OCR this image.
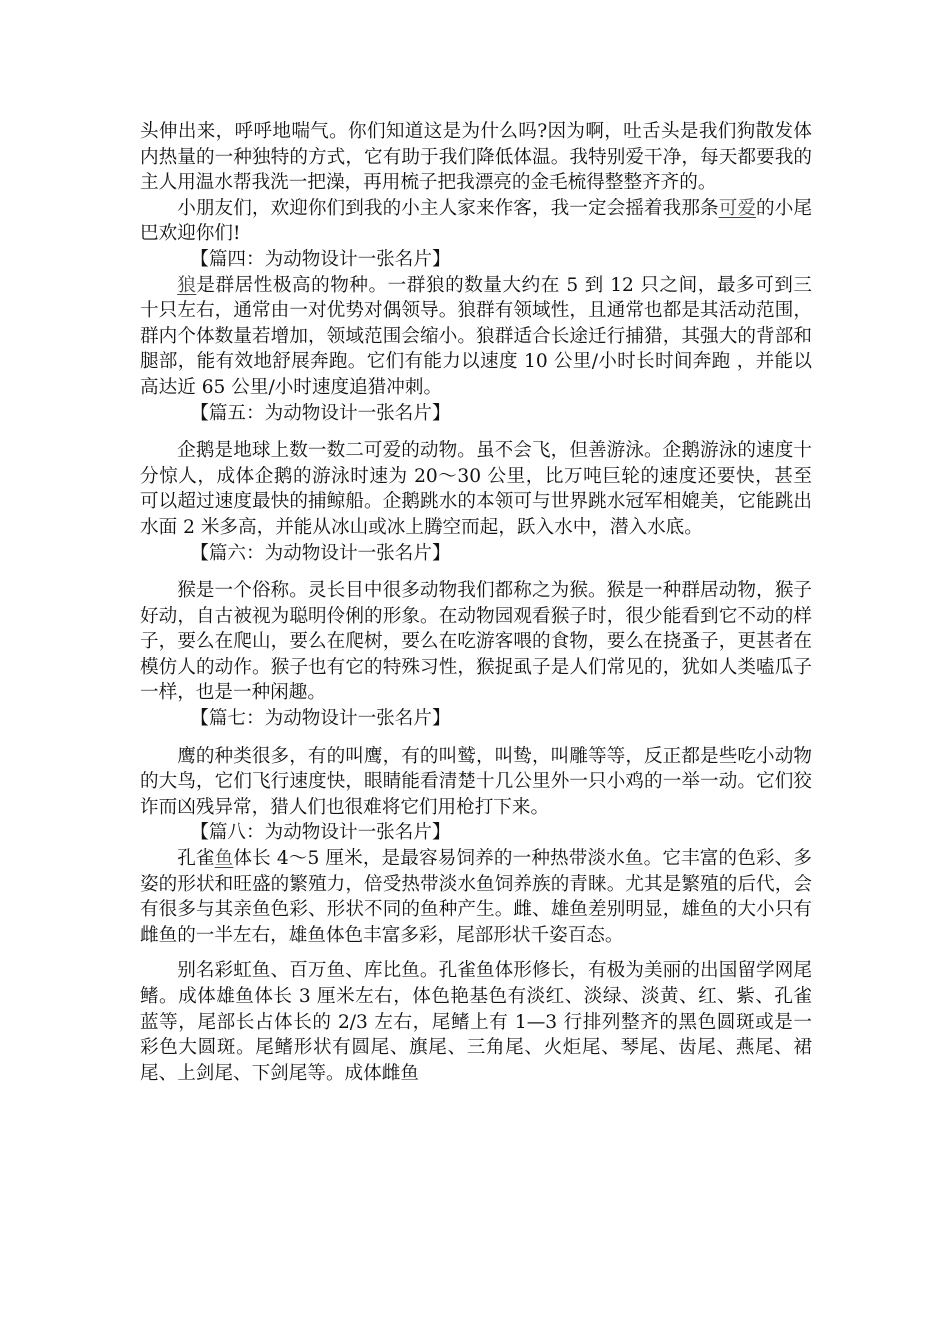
头伸出来，呼呼地喘气。你们知道这是为什么吗?因为啊，吐舌头是我们狗散发体内热量的一种独特的方式，它有助于我们降低体温。我特别爱干净，每天都要我的主人用温水帮我洗一把澡，再用梳子把我漂亮的金毛梳得整整齐齐的。

小朋友们，欢迎你们到我的小主人家来作客，我一定会摇着我那条可爱的小尾巴欢迎你们!

【篇四：为动物设计一张名片】

狼是群居性极高的物种。一群狼的数量大约在 5 到 12 只之间，最多可到三十只左右，通常由一对优势对偶领导。狼群有领域性，且通常也都是其活动范围，群内个体数量若增加，领域范围会缩小。狼群适合长途迁行捕猎，其强大的背部和腿部，能有效地舒展奔跑。它们有能力以速度 10 公里/小时长时间奔跑 ，并能以高达近 65 公里/小时速度追猎冲刺。

【篇五：为动物设计一张名片】

企鹅是地球上数一数二可爱的动物。虽不会飞，但善游泳。企鹅游泳的速度十分惊人，成体企鹅的游泳时速为 20～30 公里，比万吨巨轮的速度还要快，甚至可以超过速度最快的捕鲸船。企鹅跳水的本领可与世界跳水冠军相媲美，它能跳出水面 2 米多高，并能从冰山或冰上腾空而起，跃入水中，潜入水底。

【篇六：为动物设计一张名片】

猴是一个俗称。灵长目中很多动物我们都称之为猴。猴是一种群居动物，猴子好动，自古被视为聪明伶俐的形象。在动物园观看猴子时，很少能看到它不动的样子，要么在爬山，要么在爬树，要么在吃游客喂的食物，要么在挠蚤子，更甚者在模仿人的动作。猴子也有它的特殊习性，猴捉虱子是人们常见的，犹如人类嗑瓜子一样，也是一种闲趣。

【篇七：为动物设计一张名片】

鹰的种类很多，有的叫鹰，有的叫鹫，叫鸷，叫雕等等，反正都是些吃小动物的大鸟，它们飞行速度快，眼睛能看清楚十几公里外一只小鸡的一举一动。它们狡诈而凶残异常，猎人们也很难将它们用枪打下来。

【篇八：为动物设计一张名片】

孔雀鱼体长 4～5 厘米，是最容易饲养的一种热带淡水鱼。它丰富的色彩、多姿的形状和旺盛的繁殖力，倍受热带淡水鱼饲养族的青睐。尤其是繁殖的后代，会有很多与其亲鱼色彩、形状不同的鱼种产生。雌、雄鱼差别明显，雄鱼的大小只有雌鱼的一半左右，雄鱼体色丰富多彩，尾部形状千姿百态。

别名彩虹鱼、百万鱼、库比鱼。孔雀鱼体形修长，有极为美丽的出国留学网尾鳍。成体雄鱼体长 3 厘米左右，体色艳基色有淡红、淡绿、淡黄、红、紫、孔雀蓝等，尾部长占体长的 2/3 左右，尾鳍上有 1—3 行排列整齐的黑色圆斑或是一彩色大圆斑。尾鳍形状有圆尾、旗尾、三角尾、火炬尾、琴尾、齿尾、燕尾、裙尾、上剑尾、下剑尾等。成体雌鱼
